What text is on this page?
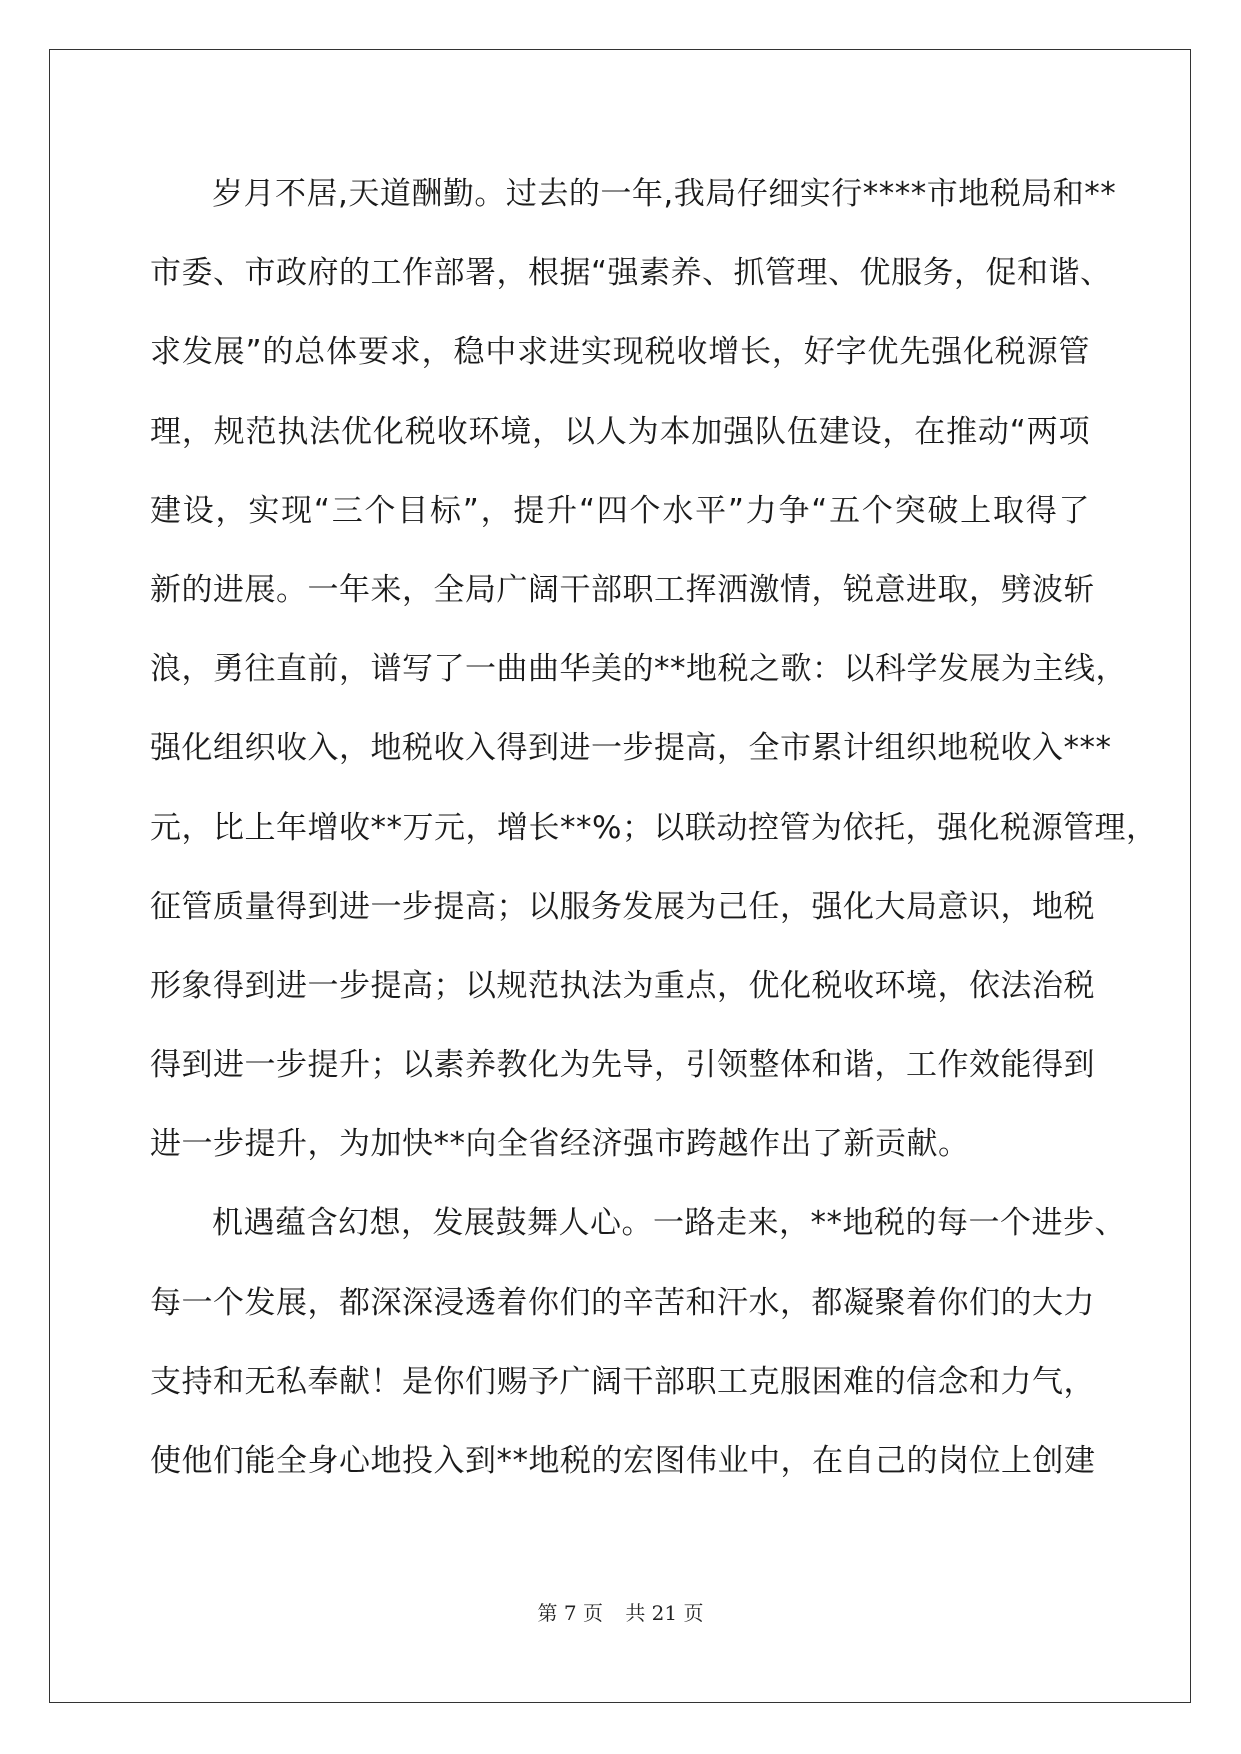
岁月不居,天道酬勤。过去的一年,我局仔细实行****市地税局和**
市委、市政府的工作部署，根据“强素养、抓管理、优服务，促和谐、
求发展”的总体要求，稳中求进实现税收增长，好字优先强化税源管
理，规范执法优化税收环境，以人为本加强队伍建设，在推动“两项
建设，实现“三个目标”，提升“四个水平”力争“五个突破上取得了
新的进展。一年来，全局广阔干部职工挥洒激情，锐意进取，劈波斩
浪，勇往直前，谱写了一曲曲华美的**地税之歌：以科学发展为主线，
强化组织收入，地税收入得到进一步提高，全市累计组织地税收入***
元，比上年增收**万元，增长**%；以联动控管为依托，强化税源管理，
征管质量得到进一步提高；以服务发展为己任，强化大局意识，地税
形象得到进一步提高；以规范执法为重点，优化税收环境，依法治税
得到进一步提升；以素养教化为先导，引领整体和谐，工作效能得到
进一步提升，为加快**向全省经济强市跨越作出了新贡献。
机遇蕴含幻想，发展鼓舞人心。一路走来，**地税的每一个进步、
每一个发展，都深深浸透着你们的辛苦和汗水，都凝聚着你们的大力
支持和无私奉献！是你们赐予广阔干部职工克服困难的信念和力气，
使他们能全身心地投入到**地税的宏图伟业中，在自己的岗位上创建
第 7 页 共 21 页
